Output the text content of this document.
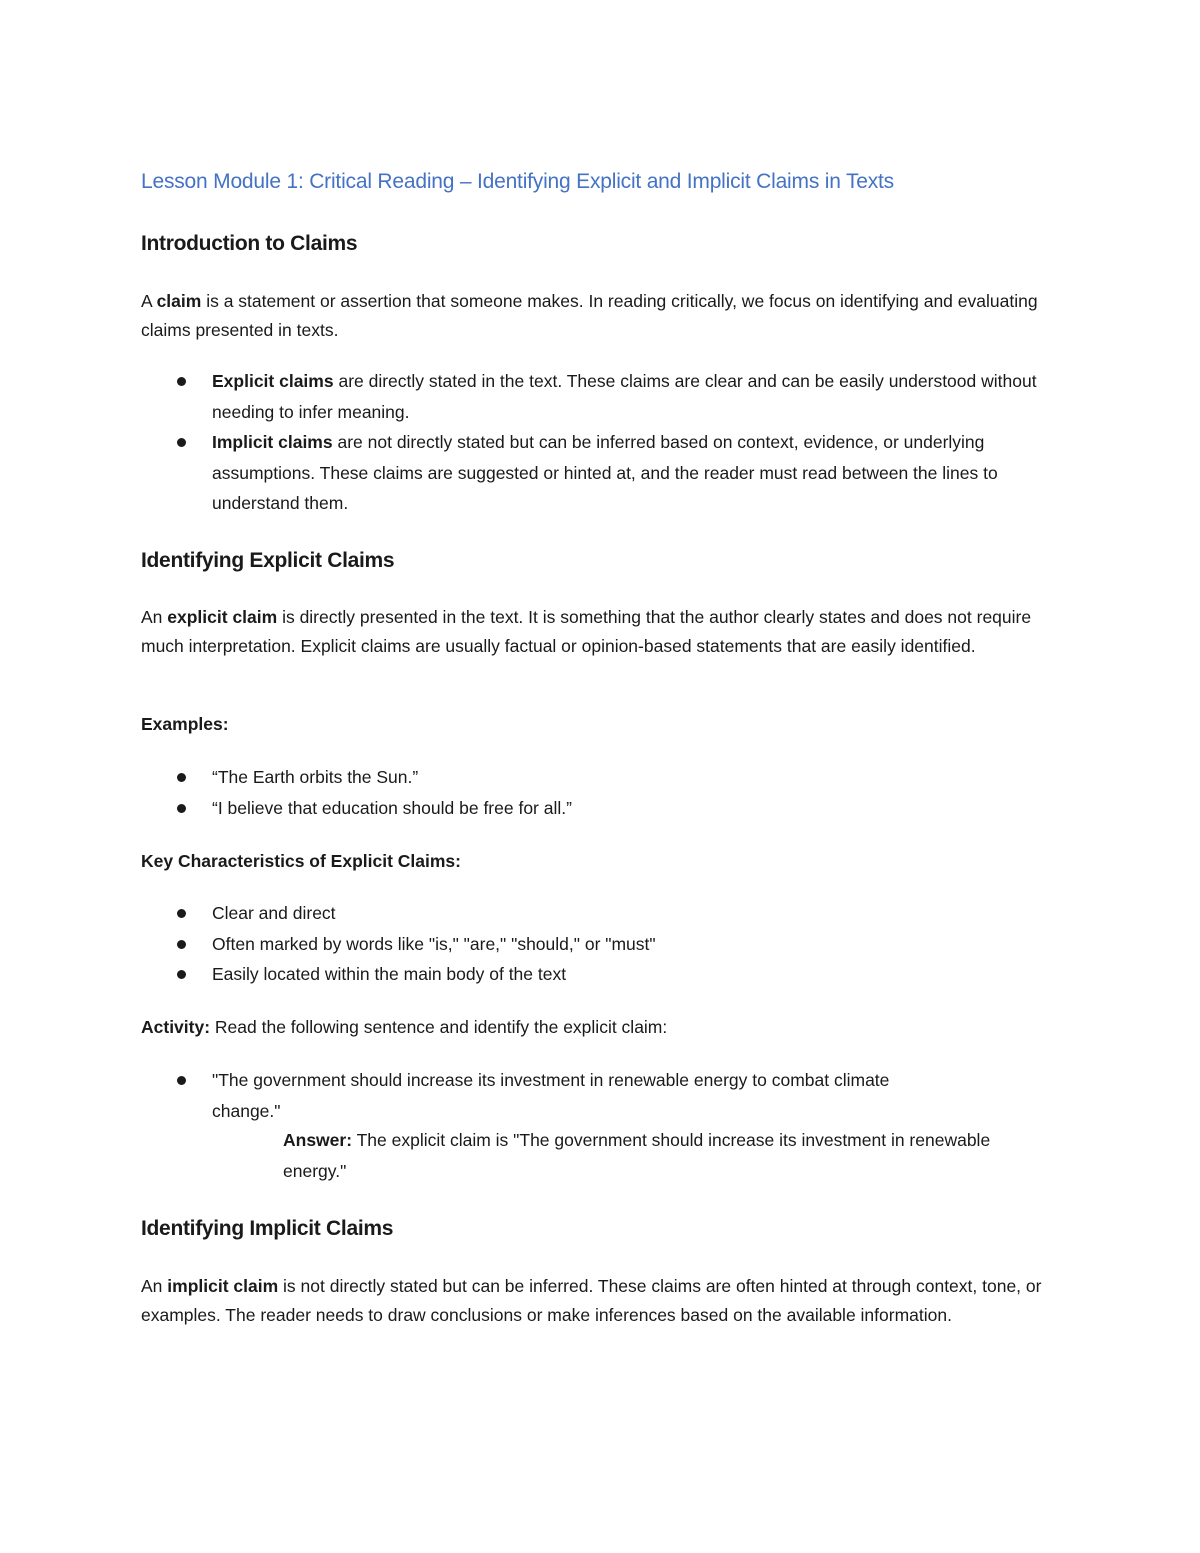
Lesson Module 1: Critical Reading – Identifying Explicit and Implicit Claims in Texts
Introduction to Claims

A claim is a statement or assertion that someone makes. In reading critically, we focus on identifying and evaluating claims presented in texts.

Explicit claims are directly stated in the text. These claims are clear and can be easily understood without needing to infer meaning.
Implicit claims are not directly stated but can be inferred based on context, evidence, or underlying assumptions. These claims are suggested or hinted at, and the reader must read between the lines to understand them.
Identifying Explicit Claims

An explicit claim is directly presented in the text. It is something that the author clearly states and does not require much interpretation. Explicit claims are usually factual or opinion-based statements that are easily identified.

Examples:

“The Earth orbits the Sun.”
“I believe that education should be free for all.”

Key Characteristics of Explicit Claims:

Clear and direct
Often marked by words like "is," "are," "should," or "must"
Easily located within the main body of the text

Activity: Read the following sentence and identify the explicit claim:

"The government should increase its investment in renewable energy to combat climate change."

Answer: The explicit claim is "The government should increase its investment in renewable energy."

Identifying Implicit Claims

An implicit claim is not directly stated but can be inferred. These claims are often hinted at through context, tone, or examples. The reader needs to draw conclusions or make inferences based on the available information.
